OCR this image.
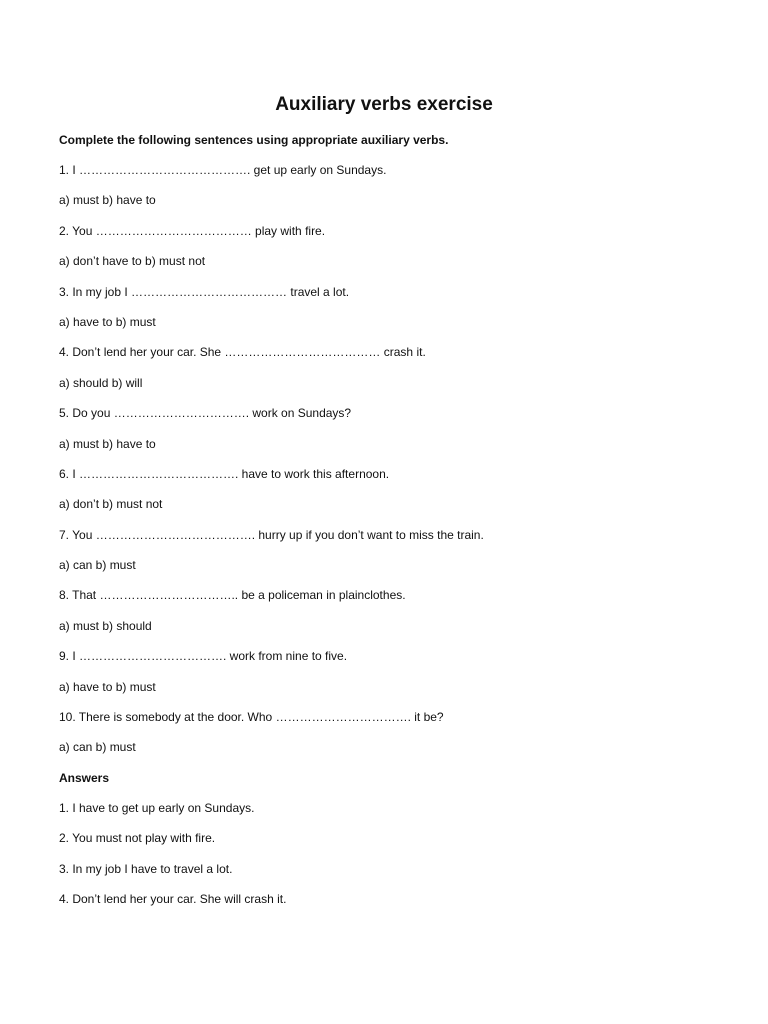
Auxiliary verbs exercise

Complete the following sentences using appropriate auxiliary verbs.

1. I ……………………………………. get up early on Sundays.
a) must b) have to
2. You ………………………………… play with fire.
a) don’t have to b) must not
3. In my job I ………………………………… travel a lot.
a) have to b) must
4. Don’t lend her your car. She ………………………………… crash it.
a) should b) will
5. Do you ……………………………. work on Sundays?
a) must b) have to
6. I …………………………………. have to work this afternoon.
a) don’t b) must not
7. You …………………………………. hurry up if you don’t want to miss the train.
a) can b) must
8. That …………………………….. be a policeman in plainclothes.
a) must b) should
9. I ………………………………. work from nine to five.
a) have to b) must
10. There is somebody at the door. Who ……………………………. it be?
a) can b) must

Answers

1. I have to get up early on Sundays.
2. You must not play with fire.
3. In my job I have to travel a lot.
4. Don’t lend her your car. She will crash it.
